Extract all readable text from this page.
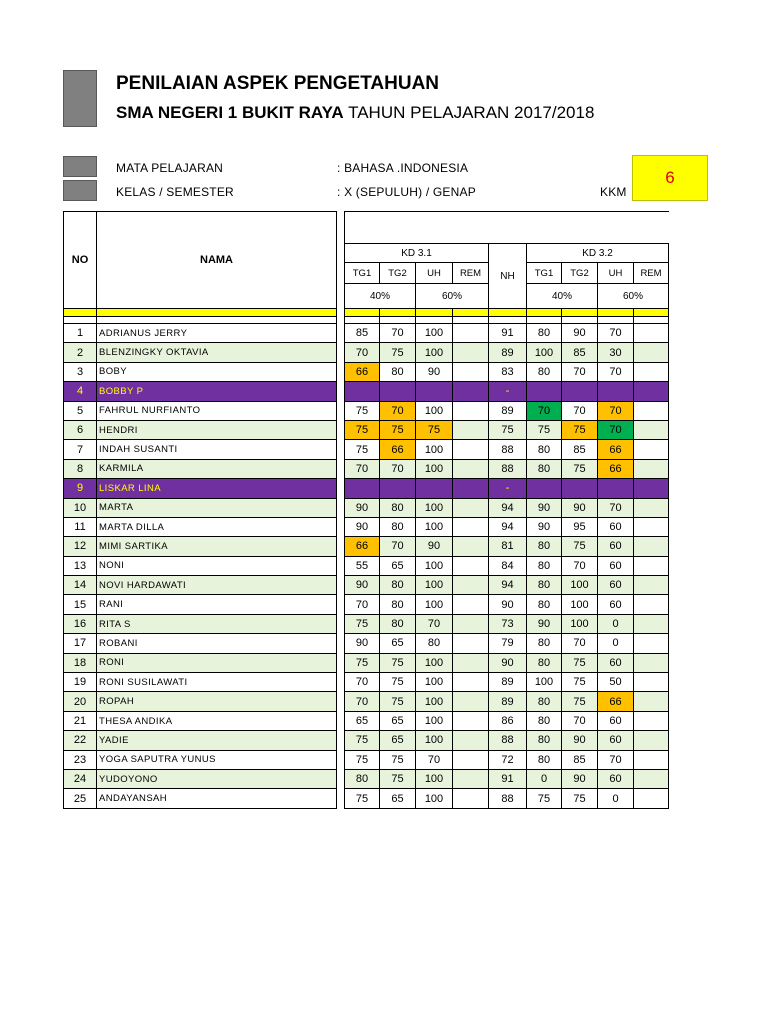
PENILAIAN ASPEK PENGETAHUAN
SMA NEGERI 1 BUKIT RAYA TAHUN PELAJARAN 2017/2018
MATA PELAJARAN	: BAHASA .INDONESIA
KELAS / SEMESTER	: X (SEPULUH) / GENAP	KKM
6
NO	NAMA										
			KD 3.1				NH	KD 3.2			
			TG1	TG2	UH	REM		TG1	TG2	UH	REM
			40%		60%			40%		60%	

1	ADRIANUS JERRY		85	70	100		91	80	90	70	
2	BLENZINGKY OKTAVIA		70	75	100		89	100	85	30	
3	BOBY		66	80	90		83	80	70	70	
4	BOBBY P						-				
5	FAHRUL NURFIANTO		75	70	100		89	70	70	70	
6	HENDRI		75	75	75		75	75	75	70	
7	INDAH SUSANTI		75	66	100		88	80	85	66	
8	KARMILA		70	70	100		88	80	75	66	
9	LISKAR LINA						-				
10	MARTA		90	80	100		94	90	90	70	
11	MARTA DILLA		90	80	100		94	90	95	60	
12	MIMI SARTIKA		66	70	90		81	80	75	60	
13	NONI		55	65	100		84	80	70	60	
14	NOVI HARDAWATI		90	80	100		94	80	100	60	
15	RANI		70	80	100		90	80	100	60	
16	RITA S		75	80	70		73	90	100	0	
17	ROBANI		90	65	80		79	80	70	0	
18	RONI		75	75	100		90	80	75	60	
19	RONI SUSILAWATI		70	75	100		89	100	75	50	
20	ROPAH		70	75	100		89	80	75	66	
21	THESA ANDIKA		65	65	100		86	80	70	60	
22	YADIE		75	65	100		88	80	90	60	
23	YOGA SAPUTRA YUNUS		75	75	70		72	80	85	70	
24	YUDOYONO		80	75	100		91	0	90	60	
25	ANDAYANSAH		75	65	100		88	75	75	0	
